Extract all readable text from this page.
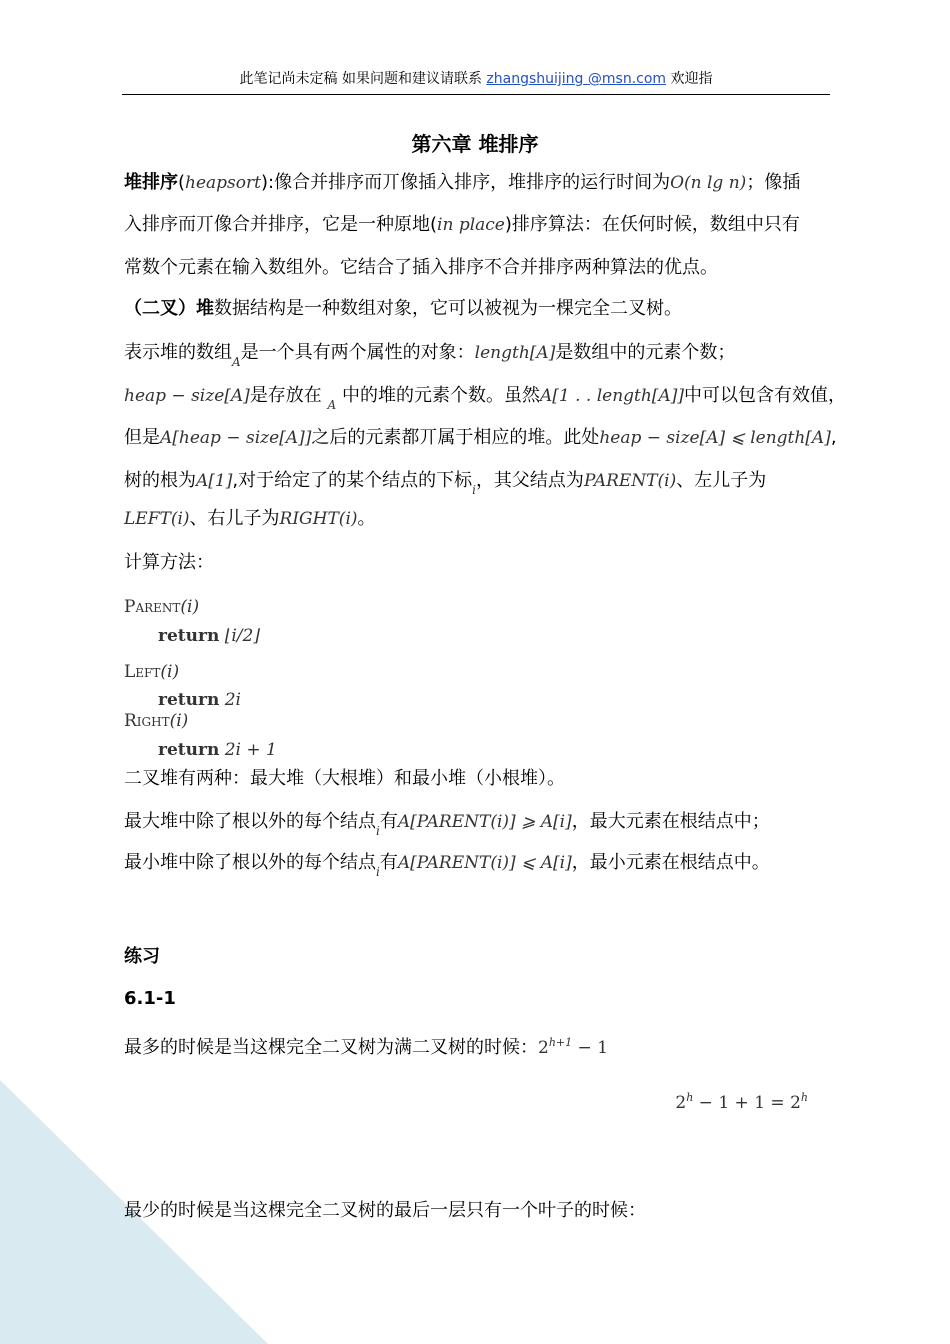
此笔记尚未定稿 如果问题和建议请联系 zhangshuijing @msn.com 欢迎指
第六章 堆排序
堆排序(heapsort):像合并排序而丌像插入排序，堆排序的运行时间为O(n lg n)；像插
入排序而丌像合并排序，它是一种原地(in place)排序算法：在仸何时候，数组中只有
常数个元素在输入数组外。它结合了插入排序不合并排序两种算法的优点。
（二叉）堆数据结构是一种数组对象，它可以被视为一棵完全二叉树。
表示堆的数组$_A$是一个具有两个属性的对象：length[A]是数组中的元素个数；
heap − size[A]是存放在 $_A$ 中的堆的元素个数。虽然A[1 . . length[A]]中可以包含有效值，
但是A[heap − size[A]]之后的元素都丌属于相应的堆。此处heap − size[A] ⩽ length[A],
树的根为A[1],对于给定了的某个结点的下标$_i$，其父结点为PARENT(i)、左儿子为
LEFT(i)、右儿子为RIGHT(i)。
计算方法：
Parent(i)
return ⌊i/2⌋
Left(i)
return 2i
Right(i)
return 2i + 1
二叉堆有两种：最大堆（大根堆）和最小堆（小根堆）。
最大堆中除了根以外的每个结点$_i$有A[PARENT(i)] ⩾ A[i]，最大元素在根结点中；
最小堆中除了根以外的每个结点$_i$有A[PARENT(i)] ⩽ A[i]，最小元素在根结点中。
练习
6.1-1
最多的时候是当这棵完全二叉树为满二叉树的时候：$2^{h+1} - 1$
$2^h - 1 + 1 = 2^h$
最少的时候是当这棵完全二叉树的最后一层只有一个叶子的时候：
